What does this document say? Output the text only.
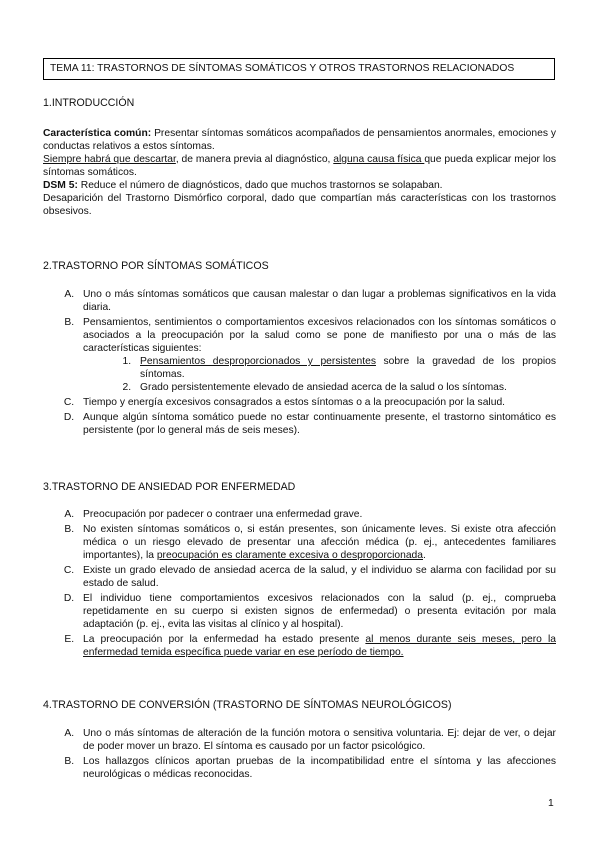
TEMA 11: TRASTORNOS DE SÍNTOMAS SOMÁTICOS Y OTROS TRASTORNOS RELACIONADOS
1.INTRODUCCIÓN

Característica común: Presentar síntomas somáticos acompañados de pensamientos anormales, emociones y conductas relativos a estos síntomas.

Siempre habrá que descartar, de manera previa al diagnóstico, alguna causa física que pueda explicar mejor los síntomas somáticos.

DSM 5: Reduce el número de diagnósticos, dado que muchos trastornos se solapaban.

Desaparición del Trastorno Dismórfico corporal, dado que compartían más características con los trastornos obsesivos.

2.TRASTORNO POR SÍNTOMAS SOMÁTICOS
A. Uno o más síntomas somáticos que causan malestar o dan lugar a problemas significativos en la vida diaria.
B. Pensamientos, sentimientos o comportamientos excesivos relacionados con los síntomas somáticos o asociados a la preocupación por la salud como se pone de manifiesto por una o más de las características siguientes:
1. Pensamientos desproporcionados y persistentes sobre la gravedad de los propios síntomas.
2. Grado persistentemente elevado de ansiedad acerca de la salud o los síntomas.
C. Tiempo y energía excesivos consagrados a estos síntomas o a la preocupación por la salud.
D. Aunque algún síntoma somático puede no estar continuamente presente, el trastorno sintomático es persistente (por lo general más de seis meses).
3.TRASTORNO DE ANSIEDAD POR ENFERMEDAD
A. Preocupación por padecer o contraer una enfermedad grave.
B. No existen síntomas somáticos o, si están presentes, son únicamente leves. Si existe otra afección médica o un riesgo elevado de presentar una afección médica (p. ej., antecedentes familiares importantes), la preocupación es claramente excesiva o desproporcionada.
C. Existe un grado elevado de ansiedad acerca de la salud, y el individuo se alarma con facilidad por su estado de salud.
D. El individuo tiene comportamientos excesivos relacionados con la salud (p. ej., comprueba repetidamente en su cuerpo si existen signos de enfermedad) o presenta evitación por mala adaptación (p. ej., evita las visitas al clínico y al hospital).
E. La preocupación por la enfermedad ha estado presente al menos durante seis meses, pero la enfermedad temida específica puede variar en ese período de tiempo.
4.TRASTORNO DE CONVERSIÓN (TRASTORNO DE SÍNTOMAS NEUROLÓGICOS)
A. Uno o más síntomas de alteración de la función motora o sensitiva voluntaria. Ej: dejar de ver, o dejar de poder mover un brazo. El síntoma es causado por un factor psicológico.
B. Los hallazgos clínicos aportan pruebas de la incompatibilidad entre el síntoma y las afecciones neurológicas o médicas reconocidas.
1
